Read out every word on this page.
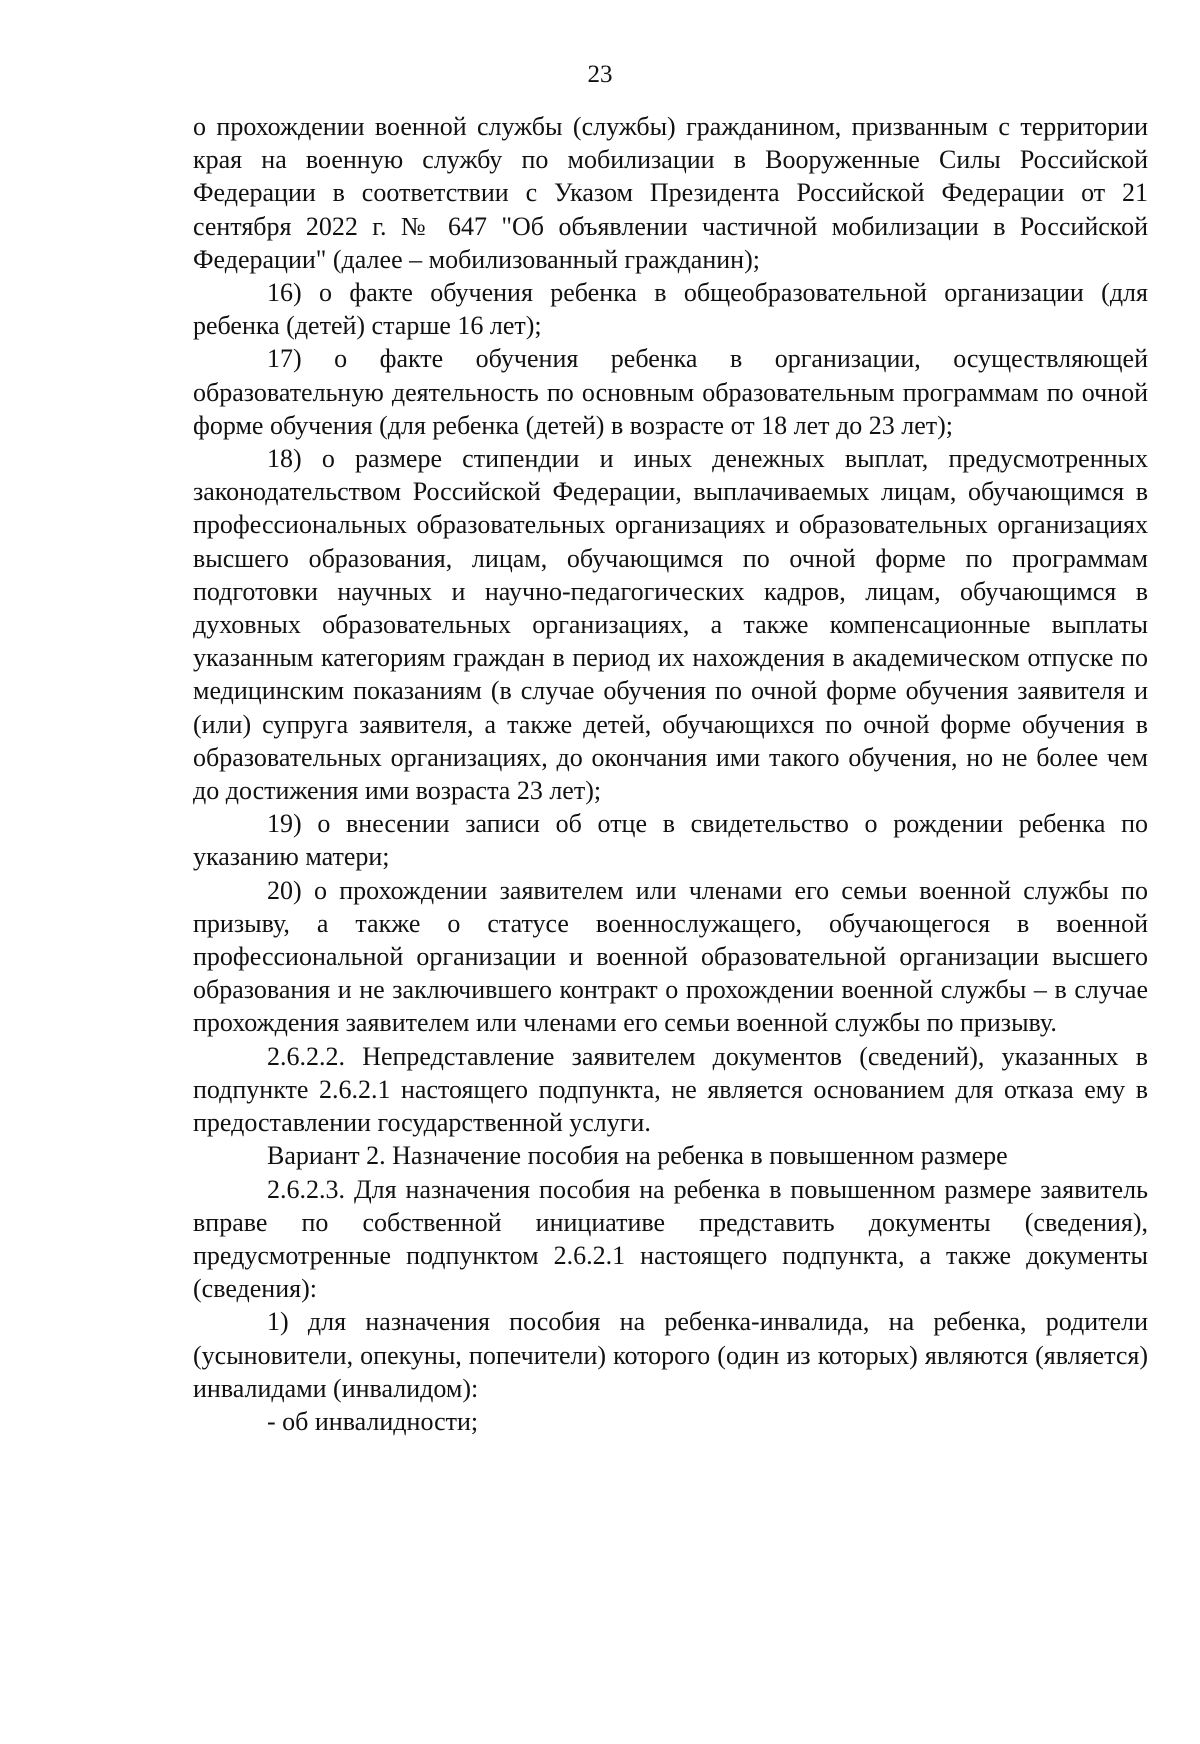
23

о прохождении военной службы (службы) гражданином, призванным с территории края на военную службу по мобилизации в Вооруженные Силы Российской Федерации в соответствии с Указом Президента Российской Федерации от 21 сентября 2022 г. № 647 "Об объявлении частичной мобилизации в Российской Федерации" (далее – мобилизованный гражданин);

16) о факте обучения ребенка в общеобразовательной организации (для ребенка (детей) старше 16 лет);

17) о факте обучения ребенка в организации, осуществляющей образовательную деятельность по основным образовательным программам по очной форме обучения (для ребенка (детей) в возрасте от 18 лет до 23 лет);

18) о размере стипендии и иных денежных выплат, предусмотренных законодательством Российской Федерации, выплачиваемых лицам, обучающимся в профессиональных образовательных организациях и образовательных организациях высшего образования, лицам, обучающимся по очной форме по программам подготовки научных и научно-педагогических кадров, лицам, обучающимся в духовных образовательных организациях, а также компенсационные выплаты указанным категориям граждан в период их нахождения в академическом отпуске по медицинским показаниям (в случае обучения по очной форме обучения заявителя и (или) супруга заявителя, а также детей, обучающихся по очной форме обучения в образовательных организациях, до окончания ими такого обучения, но не более чем до достижения ими возраста 23 лет);

19) о внесении записи об отце в свидетельство о рождении ребенка по указанию матери;

20) о прохождении заявителем или членами его семьи военной службы по призыву, а также о статусе военнослужащего, обучающегося в военной профессиональной организации и военной образовательной организации высшего образования и не заключившего контракт о прохождении военной службы – в случае прохождения заявителем или членами его семьи военной службы по призыву.

2.6.2.2. Непредставление заявителем документов (сведений), указанных в подпункте 2.6.2.1 настоящего подпункта, не является основанием для отказа ему в предоставлении государственной услуги.

Вариант 2. Назначение пособия на ребенка в повышенном размере

2.6.2.3. Для назначения пособия на ребенка в повышенном размере заявитель вправе по собственной инициативе представить документы (сведения), предусмотренные подпунктом 2.6.2.1 настоящего подпункта, а также документы (сведения):

1) для назначения пособия на ребенка-инвалида, на ребенка, родители (усыновители, опекуны, попечители) которого (один из которых) являются (является) инвалидами (инвалидом):

- об инвалидности;
